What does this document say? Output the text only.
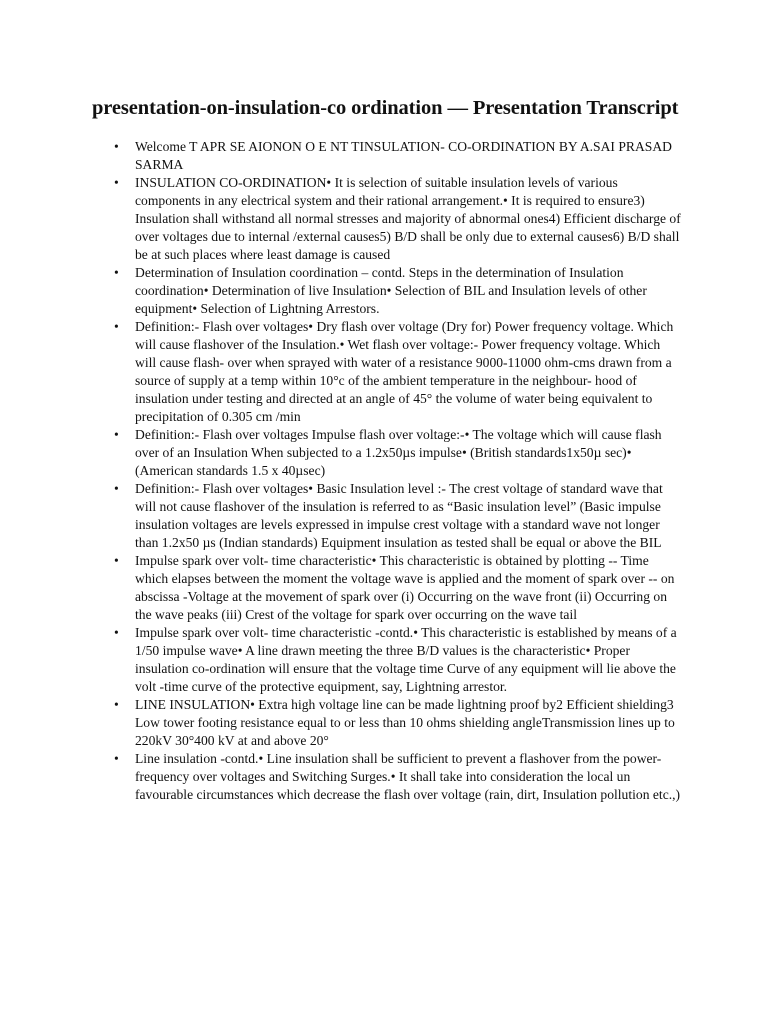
presentation-on-insulation-co ordination — Presentation Transcript
• Welcome T APR SE AIONON O E NT TINSULATION- CO-ORDINATION BY A.SAI PRASAD SARMA
• INSULATION CO-ORDINATION• It is selection of suitable insulation levels of various components in any electrical system and their rational arrangement.• It is required to ensure3) Insulation shall withstand all normal stresses and majority of abnormal ones4) Efficient discharge of over voltages due to internal /external causes5) B/D shall be only due to external causes6) B/D shall be at such places where least damage is caused
• Determination of Insulation coordination – contd. Steps in the determination of Insulation coordination• Determination of live Insulation• Selection of BIL and Insulation levels of other equipment• Selection of Lightning Arrestors.
• Definition:- Flash over voltages• Dry flash over voltage (Dry for) Power frequency voltage. Which will cause flashover of the Insulation.• Wet flash over voltage:- Power frequency voltage. Which will cause flash- over when sprayed with water of a resistance 9000-11000 ohm-cms drawn from a source of supply at a temp within 10°c of the ambient temperature in the neighbour- hood of insulation under testing and directed at an angle of 45° the volume of water being equivalent to precipitation of 0.305 cm /min
• Definition:- Flash over voltages Impulse flash over voltage:-• The voltage which will cause flash over of an Insulation When subjected to a 1.2x50µs impulse• (British standards1x50µ sec)• (American standards 1.5 x 40µsec)
• Definition:- Flash over voltages• Basic Insulation level :- The crest voltage of standard wave that will not cause flashover of the insulation is referred to as “Basic insulation level” (Basic impulse insulation voltages are levels expressed in impulse crest voltage with a standard wave not longer than 1.2x50 µs (Indian standards) Equipment insulation as tested shall be equal or above the BIL
• Impulse spark over volt- time characteristic• This characteristic is obtained by plotting -- Time which elapses between the moment the voltage wave is applied and the moment of spark over -- on abscissa -Voltage at the movement of spark over (i) Occurring on the wave front (ii) Occurring on the wave peaks (iii) Crest of the voltage for spark over occurring on the wave tail
• Impulse spark over volt- time characteristic -contd.• This characteristic is established by means of a 1/50 impulse wave• A line drawn meeting the three B/D values is the characteristic• Proper insulation co-ordination will ensure that the voltage time Curve of any equipment will lie above the volt -time curve of the protective equipment, say, Lightning arrestor.
• LINE INSULATION• Extra high voltage line can be made lightning proof by2 Efficient shielding3 Low tower footing resistance equal to or less than 10 ohms shielding angleTransmission lines up to 220kV 30°400 kV at and above 20°
• Line insulation -contd.• Line insulation shall be sufficient to prevent a flashover from the power- frequency over voltages and Switching Surges.• It shall take into consideration the local un favourable circumstances which decrease the flash over voltage (rain, dirt, Insulation pollution etc.,)
